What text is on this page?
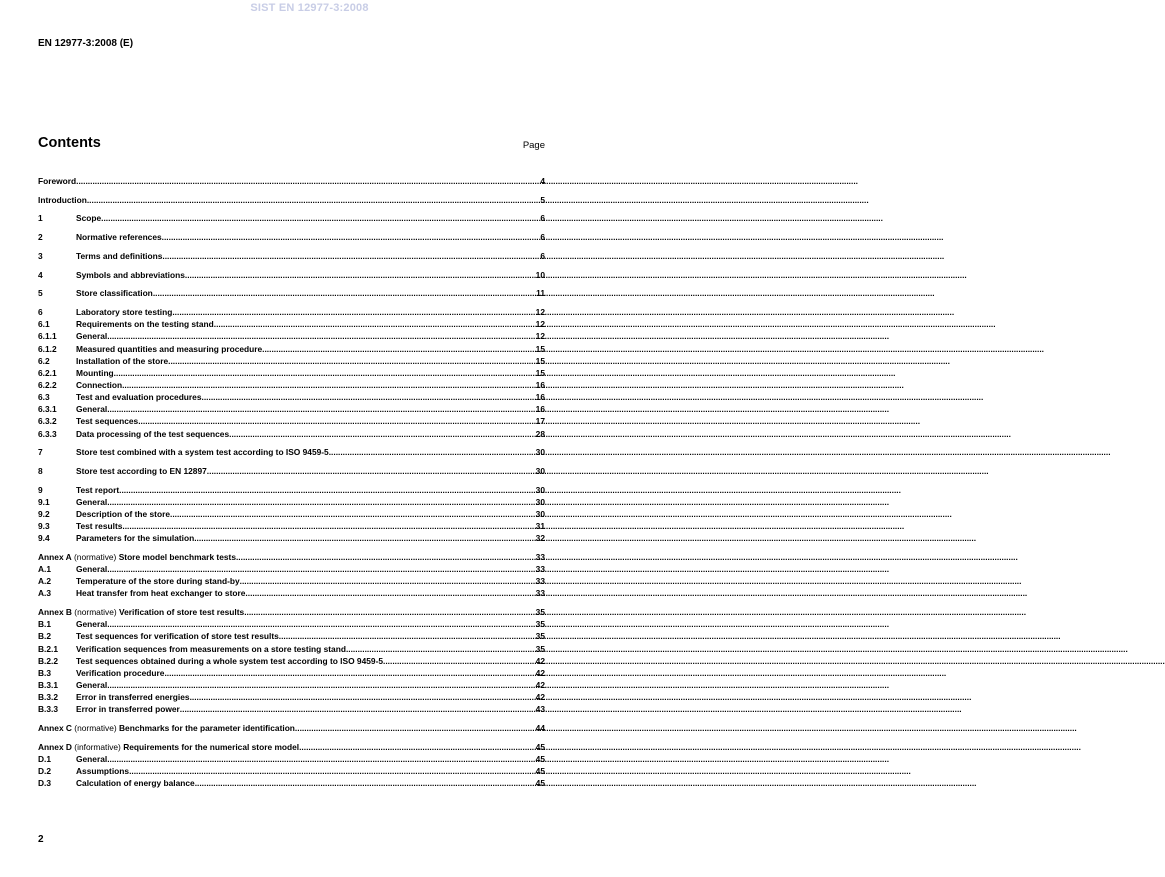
SIST EN 12977-3:2008
EN 12977-3:2008 (E)
Contents	Page
Foreword .....	4
Introduction .....	5
1	Scope .....	6
2	Normative references .....	6
3	Terms and definitions .....	6
4	Symbols and abbreviations .....	10
5	Store classification .....	11
6	Laboratory store testing .....	12
6.1	Requirements on the testing stand .....	12
6.1.1	General .....	12
6.1.2	Measured quantities and measuring procedure .....	15
6.2	Installation of the store .....	15
6.2.1	Mounting .....	15
6.2.2	Connection .....	16
6.3	Test and evaluation procedures .....	16
6.3.1	General .....	16
6.3.2	Test sequences .....	17
6.3.3	Data processing of the test sequences .....	28
7	Store test combined with a system test according to ISO 9459-5 .....	30
8	Store test according to EN 12897 .....	30
9	Test report .....	30
9.1	General .....	30
9.2	Description of the store .....	30
9.3	Test results .....	31
9.4	Parameters for the simulation .....	32
Annex A (normative) Store model benchmark tests .....	33
A.1	General .....	33
A.2	Temperature of the store during stand-by .....	33
A.3	Heat transfer from heat exchanger to store .....	33
Annex B (normative) Verification of store test results .....	35
B.1	General .....	35
B.2	Test sequences for verification of store test results .....	35
B.2.1	Verification sequences from measurements on a store testing stand .....	35
B.2.2	Test sequences obtained during a whole system test according to ISO 9459-5 .....	42
B.3	Verification procedure .....	42
B.3.1	General .....	42
B.3.2	Error in transferred energies .....	42
B.3.3	Error in transferred power .....	43
Annex C (normative) Benchmarks for the parameter identification .....	44
Annex D (informative) Requirements for the numerical store model .....	45
D.1	General .....	45
D.2	Assumptions .....	45
D.3	Calculation of energy balance .....	45
2
